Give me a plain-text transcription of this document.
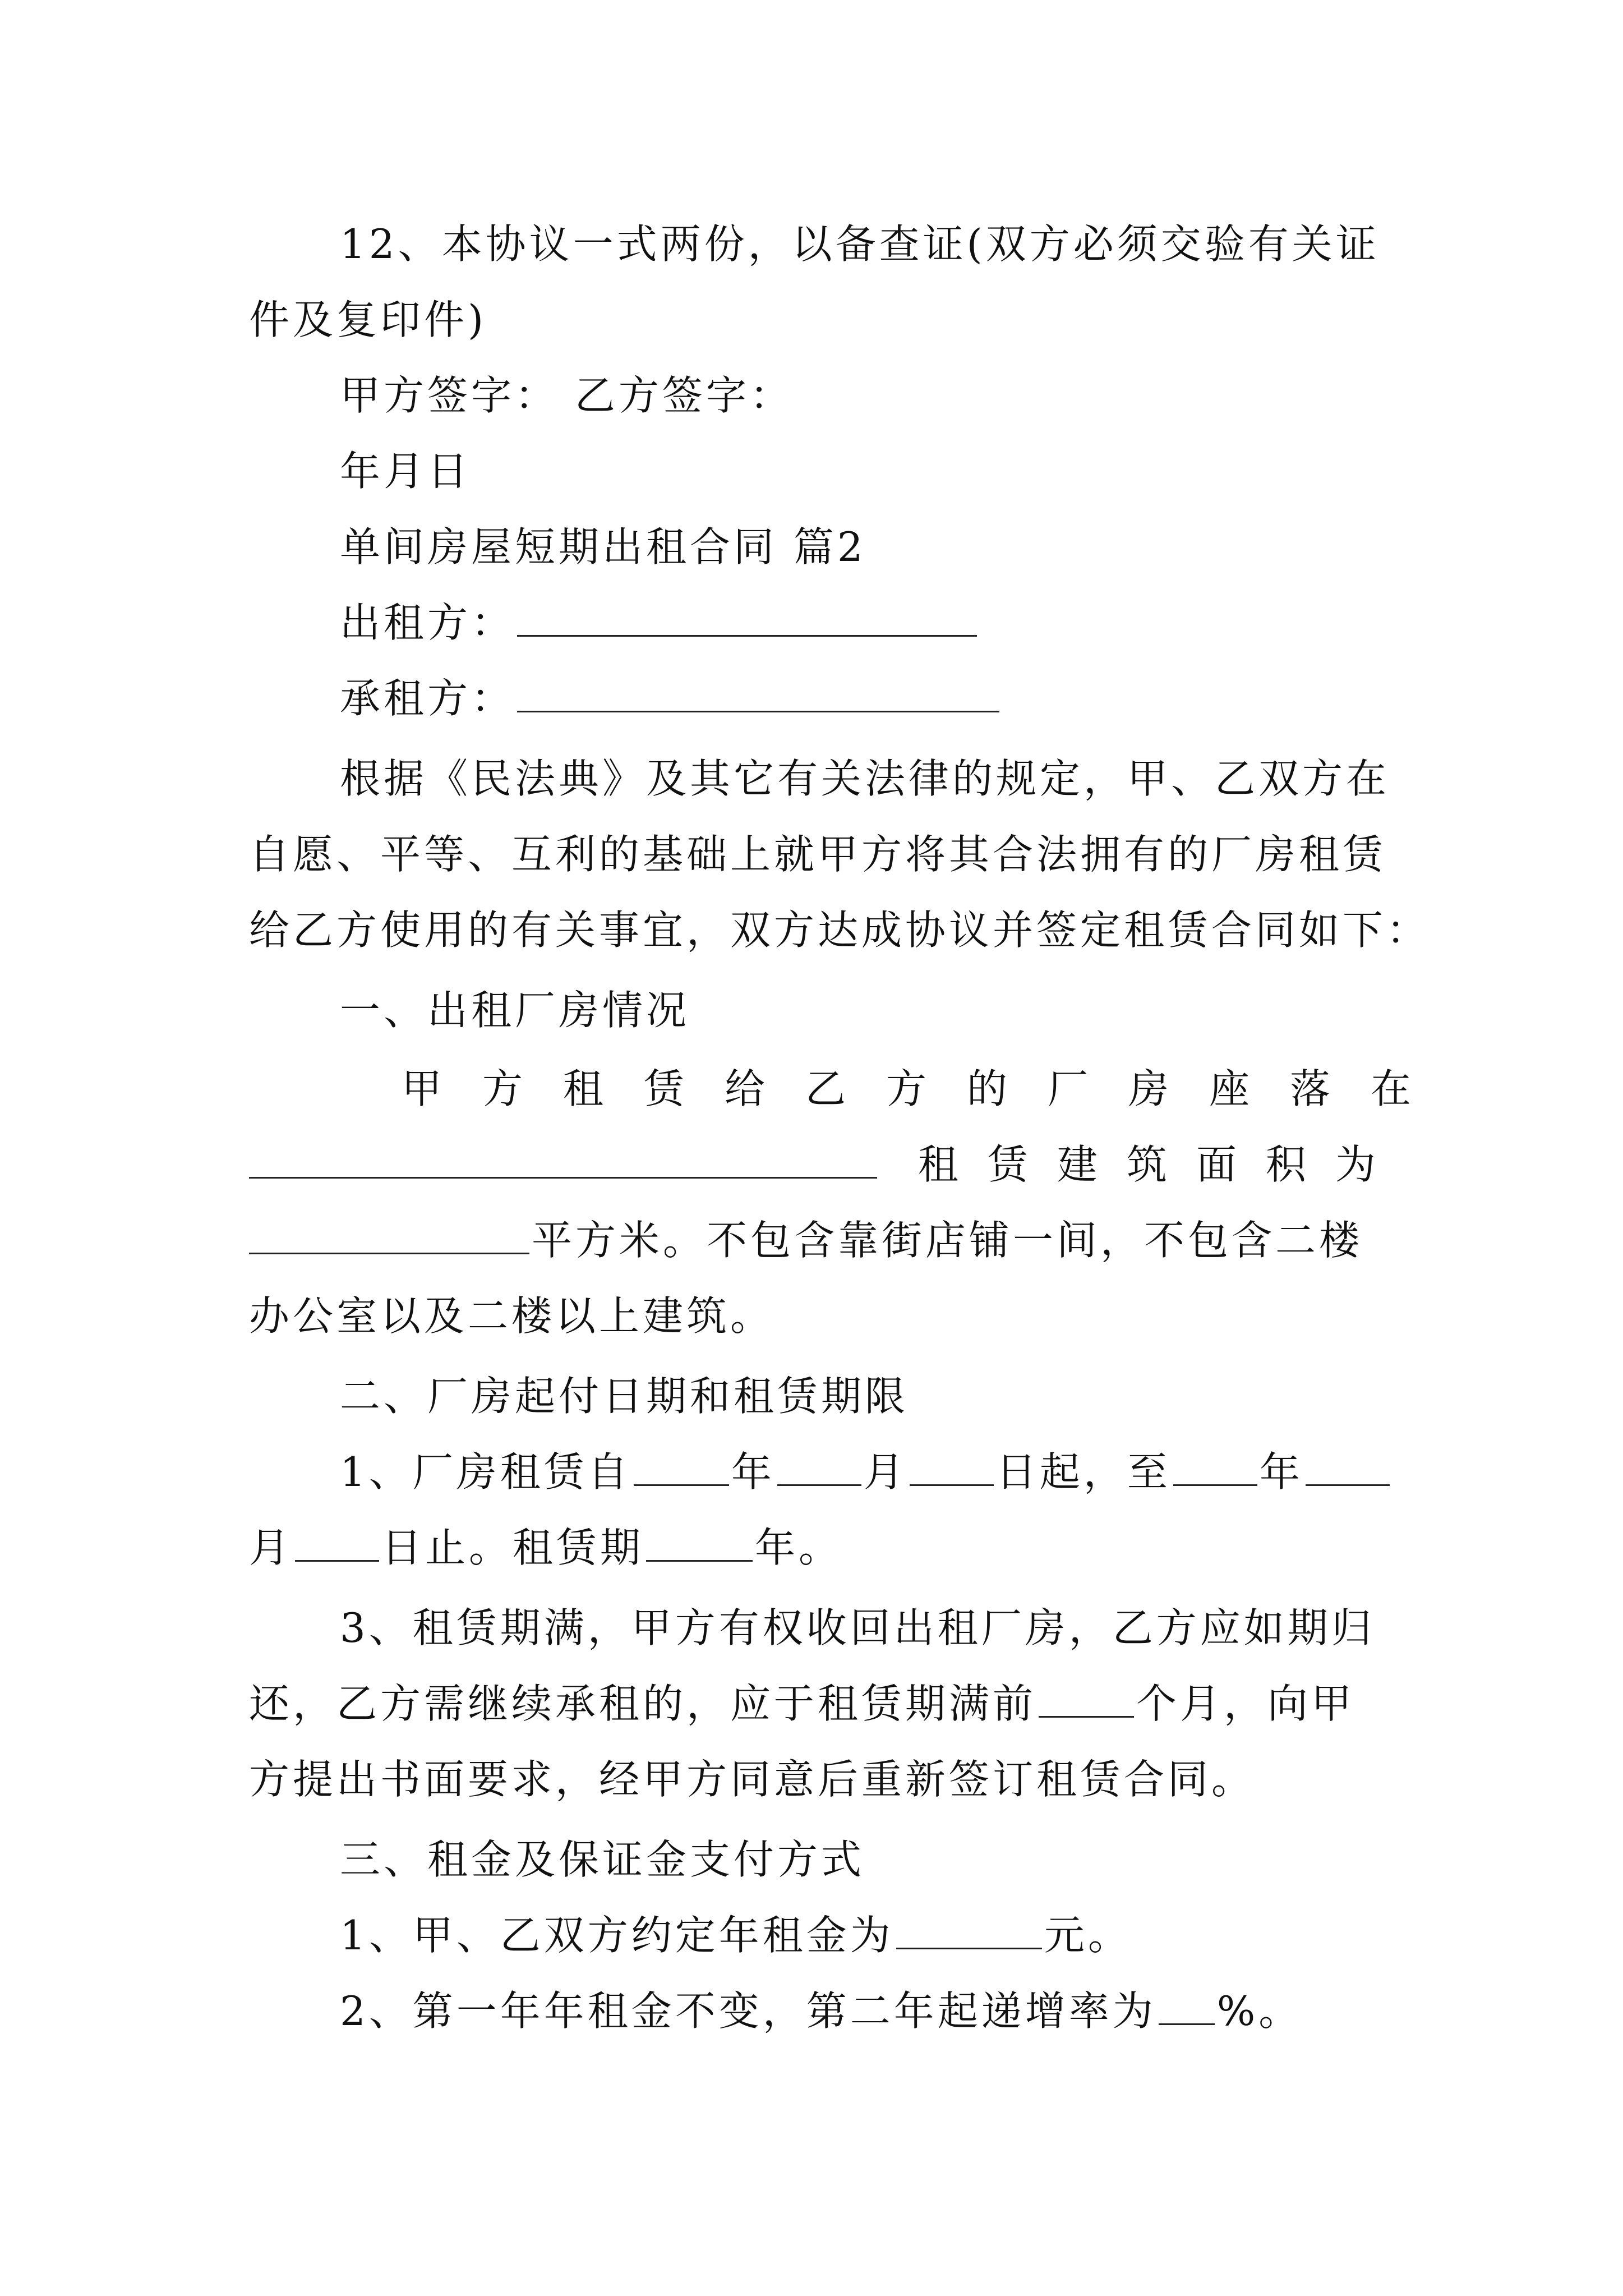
12、本协议一式两份，以备查证(双方必须交验有关证
件及复印件)
甲方签字： 乙方签字：
年月日
单间房屋短期出租合同 篇2
出租方：
承租方：
根据《民法典》及其它有关法律的规定，甲、乙双方在
自愿、平等、互利的基础上就甲方将其合法拥有的厂房租赁
给乙方使用的有关事宜，双方达成协议并签定租赁合同如下：
一、出租厂房情况
甲方租赁给乙方的厂房座落在
租赁建筑面积为
平方米。不包含靠街店铺一间，不包含二楼
办公室以及二楼以上建筑。
二、厂房起付日期和租赁期限
1、厂房租赁自 年 月 日起，至 年
月 日止。租赁期	年。
3、租赁期满，甲方有权收回出租厂房，乙方应如期归
还，乙方需继续承租的，应于租赁期满前 个月，向甲
方提出书面要求，经甲方同意后重新签订租赁合同。
三、租金及保证金支付方式
1、甲、乙双方约定年租金为	元。
2、第一年年租金不变，第二年起递增率为 %。
